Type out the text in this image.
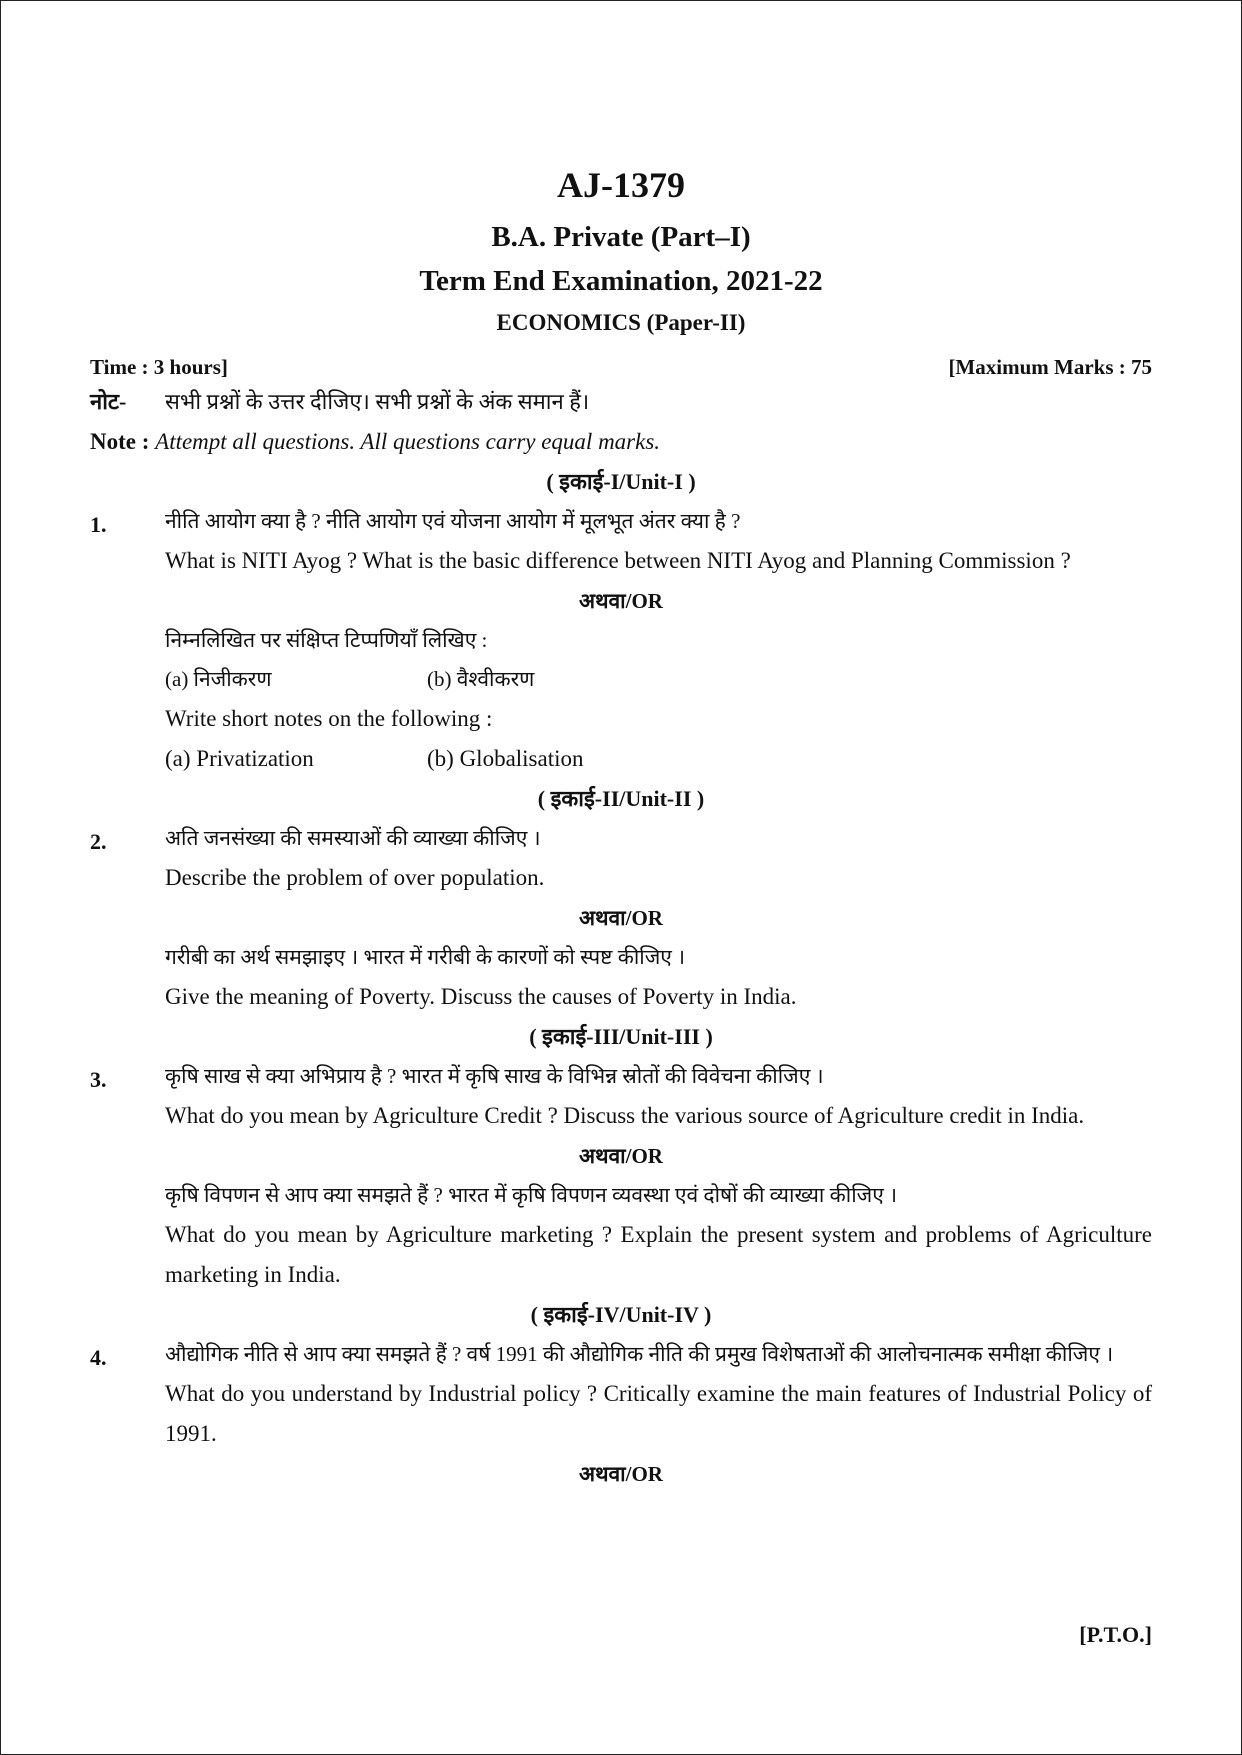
AJ-1379
B.A. Private (Part–I)
Term End Examination, 2021-22
ECONOMICS (Paper-II)
Time : 3 hours]	[Maximum Marks : 75
नोट-	सभी प्रश्नों के उत्तर दीजिए। सभी प्रश्नों के अंक समान हैं।
Note : Attempt all questions. All questions carry equal marks.
( इकाई-I/Unit-I )
1.	नीति आयोग क्या है ? नीति आयोग एवं योजना आयोग में मूलभूत अंतर क्या है ?
What is NITI Ayog ? What is the basic difference between NITI Ayog and Planning Commission ?
अथवा/OR
निम्नलिखित पर संक्षिप्त टिप्पणियाँ लिखिए :
(a) निजीकरण	(b) वैश्वीकरण
Write short notes on the following :
(a) Privatization	(b) Globalisation
( इकाई-II/Unit-II )
2.	अति जनसंख्या की समस्याओं की व्याख्या कीजिए ।
Describe the problem of over population.
अथवा/OR
गरीबी का अर्थ समझाइए । भारत में गरीबी के कारणों को स्पष्ट कीजिए ।
Give the meaning of Poverty. Discuss the causes of Poverty in India.
( इकाई-III/Unit-III )
3.	कृषि साख से क्या अभिप्राय है ? भारत में कृषि साख के विभिन्न स्रोतों की विवेचना कीजिए ।
What do you mean by Agriculture Credit ? Discuss the various source of Agriculture credit in India.
अथवा/OR
कृषि विपणन से आप क्या समझते हैं ? भारत में कृषि विपणन व्यवस्था एवं दोषों की व्याख्या कीजिए ।
What do you mean by Agriculture marketing ? Explain the present system and problems of Agriculture marketing in India.
( इकाई-IV/Unit-IV )
4.	औद्योगिक नीति से आप क्या समझते हैं ? वर्ष 1991 की औद्योगिक नीति की प्रमुख विशेषताओं की आलोचनात्मक समीक्षा कीजिए ।
What do you understand by Industrial policy ? Critically examine the main features of Industrial Policy of 1991.
अथवा/OR
[P.T.O.]
